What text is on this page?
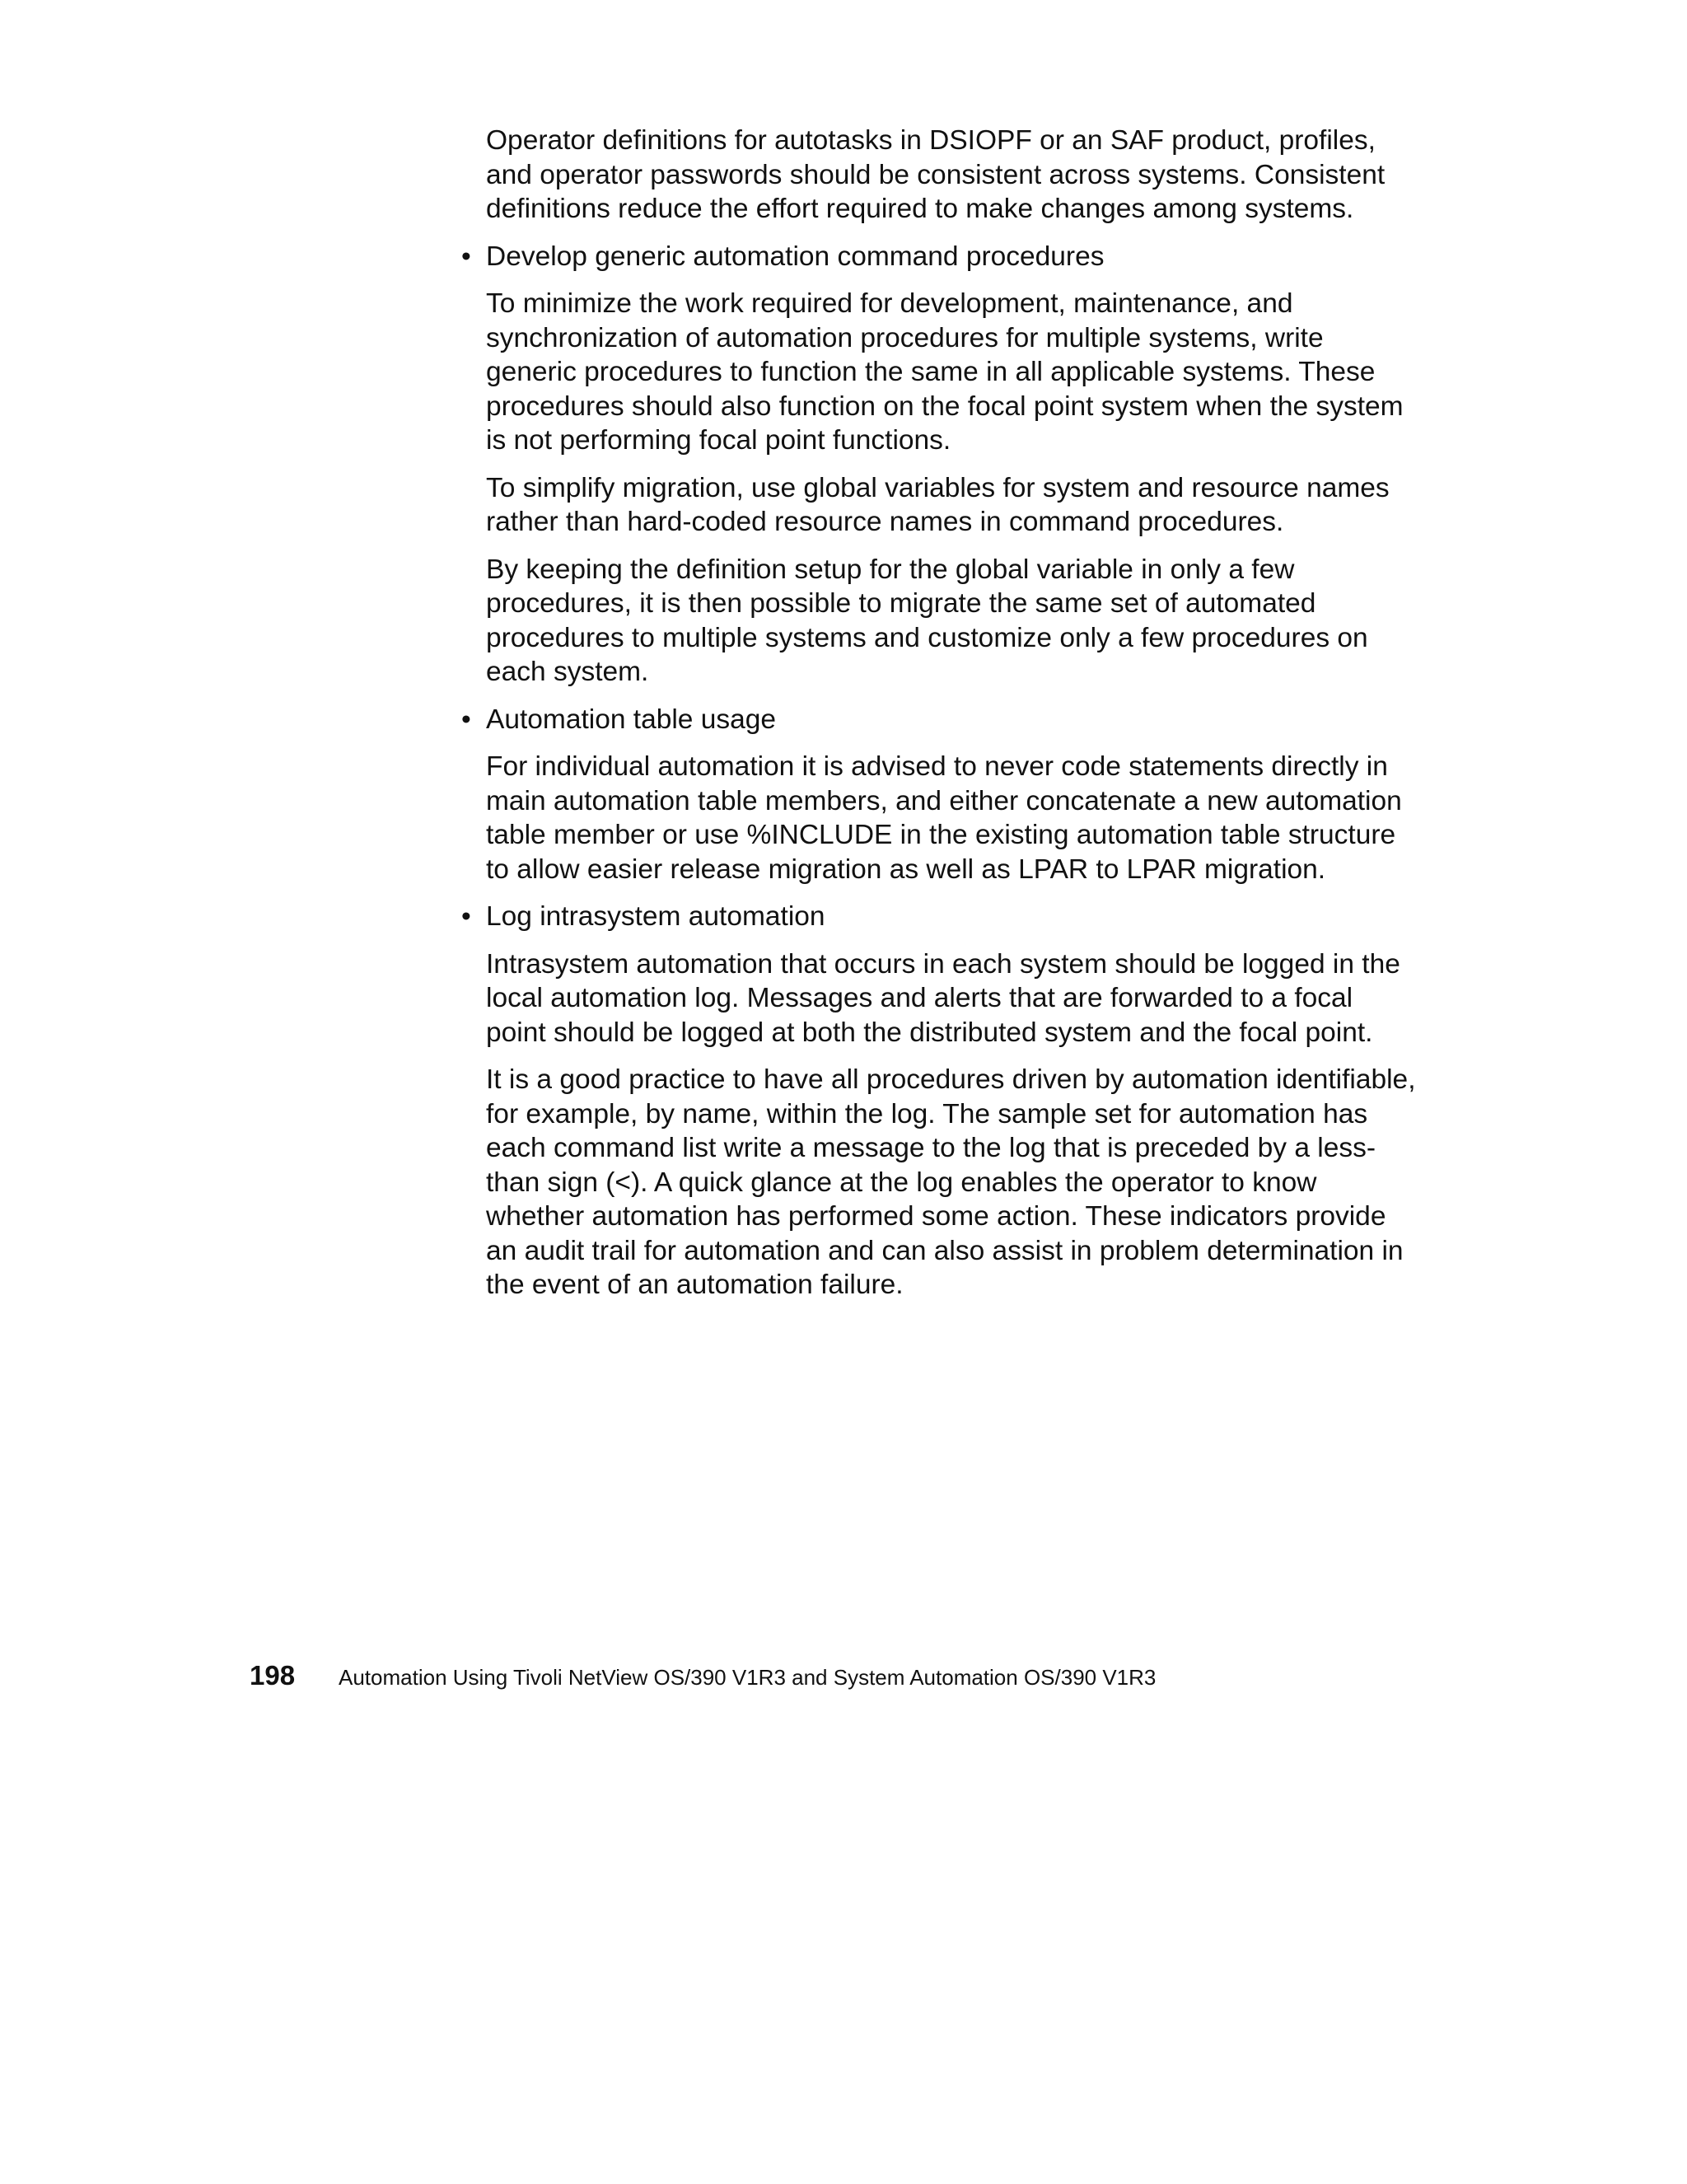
Operator definitions for autotasks in DSIOPF or an SAF product, profiles, and operator passwords should be consistent across systems. Consistent definitions reduce the effort required to make changes among systems.

• Develop generic automation command procedures

To minimize the work required for development, maintenance, and synchronization of automation procedures for multiple systems, write generic procedures to function the same in all applicable systems. These procedures should also function on the focal point system when the system is not performing focal point functions.

To simplify migration, use global variables for system and resource names rather than hard-coded resource names in command procedures.

By keeping the definition setup for the global variable in only a few procedures, it is then possible to migrate the same set of automated procedures to multiple systems and customize only a few procedures on each system.

• Automation table usage

For individual automation it is advised to never code statements directly in main automation table members, and either concatenate a new automation table member or use %INCLUDE in the existing automation table structure to allow easier release migration as well as LPAR to LPAR migration.

• Log intrasystem automation

Intrasystem automation that occurs in each system should be logged in the local automation log. Messages and alerts that are forwarded to a focal point should be logged at both the distributed system and the focal point.

It is a good practice to have all procedures driven by automation identifiable, for example, by name, within the log. The sample set for automation has each command list write a message to the log that is preceded by a less-than sign (<). A quick glance at the log enables the operator to know whether automation has performed some action. These indicators provide an audit trail for automation and can also assist in problem determination in the event of an automation failure.

198	Automation Using Tivoli NetView OS/390 V1R3 and System Automation OS/390 V1R3
